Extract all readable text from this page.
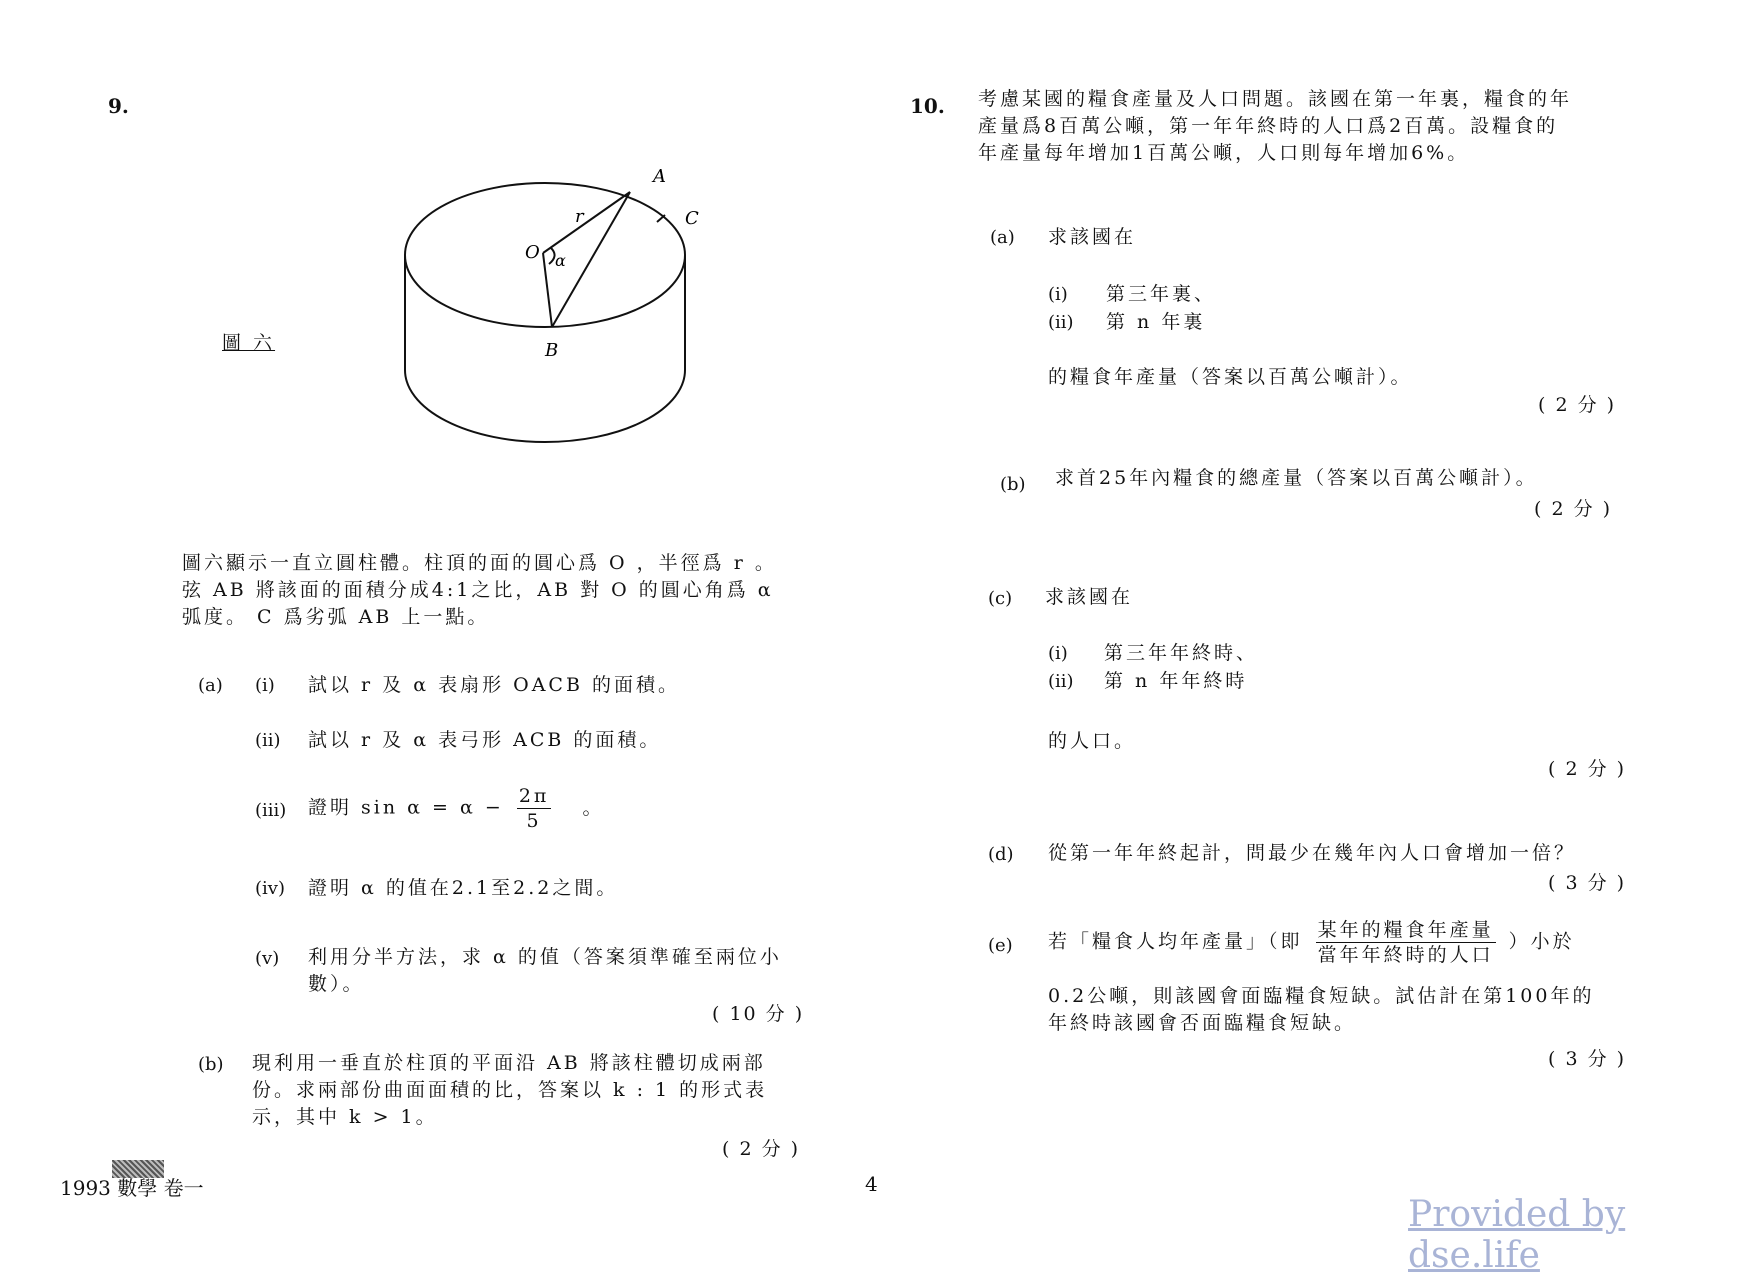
9.
圖 六
A
C
O
r
α
B
圖六顯示一直立圓柱體。柱頂的面的圓心爲 O ，半徑爲 r 。
弦 AB 將該面的面積分成4:1之比，AB 對 O 的圓心角爲 α
弧度。 C 爲劣弧 AB 上一點。
(a) (i) 試以 r 及 α 表扇形 OACB 的面積。
(ii) 試以 r 及 α 表弓形 ACB 的面積。
(iii) 證明 $\sin \alpha = \alpha - \frac{2\pi}{5}$ 。
(iv) 證明 α 的值在2.1至2.2之間。
(v) 利用分半方法，求 α 的值（答案須準確至兩位小
數）。
( 10 分 )
(b) 現利用一垂直於柱頂的平面沿 AB 將該柱體切成兩部
份。求兩部份曲面面積的比，答案以 k : 1 的形式表
示，其中 k > 1。
( 2 分 )
10. 考慮某國的糧食產量及人口問題。該國在第一年裏，糧食的年
產量爲8百萬公噸，第一年年終時的人口爲2百萬。設糧食的
年產量每年增加1百萬公噸，人口則每年增加6%。
(a) 求該國在
(i) 第三年裏、
(ii) 第 n 年裏
的糧食年產量（答案以百萬公噸計）。
( 2 分 )
(b) 求首25年內糧食的總產量（答案以百萬公噸計）。
( 2 分 )
(c) 求該國在
(i) 第三年年終時、
(ii) 第 n 年年終時
的人口。
( 2 分 )
(d) 從第一年年終起計，問最少在幾年內人口會增加一倍？
( 3 分 )
(e) 若「糧食人均年產量」（即 $\frac{\text{某年的糧食年產量}}{\text{當年年終時的人口}}$ ）小於
0.2公噸，則該國會面臨糧食短缺。試估計在第100年的
年終時該國會否面臨糧食短缺。
( 3 分 )
1993 數學 卷一	4
Provided by dse.life
